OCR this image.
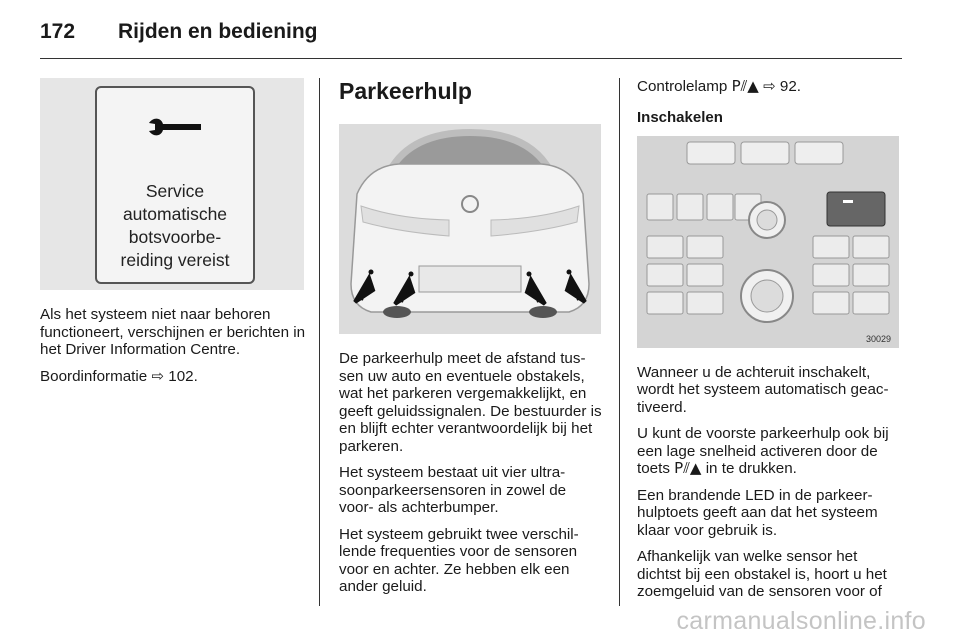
172 Rijden en bediening
Service
automatische
botsvoorbe-
reiding vereist

Als het systeem niet naar behoren functioneert, verschijnen er berichten in het Driver Information Centre.

Boordinformatie ⇨ 102.

Parkeerhulp

De parkeerhulp meet de afstand tus-sen uw auto en eventuele obstakels, wat het parkeren vergemakkelijkt, en geeft geluidssignalen. De bestuurder is en blijft echter verantwoordelijk bij het parkeren.

Het systeem bestaat uit vier ultra-soonparkeersensoren in zowel de voor- als achterbumper.

Het systeem gebruikt twee verschil-lende frequenties voor de sensoren voor en achter. Ze hebben elk een ander geluid.

Controlelamp P⫽▲ ⇨ 92.

Inschakelen
30029

Wanneer u de achteruit inschakelt, wordt het systeem automatisch geac-tiveerd.

U kunt de voorste parkeerhulp ook bij een lage snelheid activeren door de toets P⫽▲ in te drukken.

Een brandende LED in de parkeer-hulptoets geeft aan dat het systeem klaar voor gebruik is.

Afhankelijk van welke sensor het dichtst bij een obstakel is, hoort u het zoemgeluid van de sensoren voor of

carmanualsonline.info
